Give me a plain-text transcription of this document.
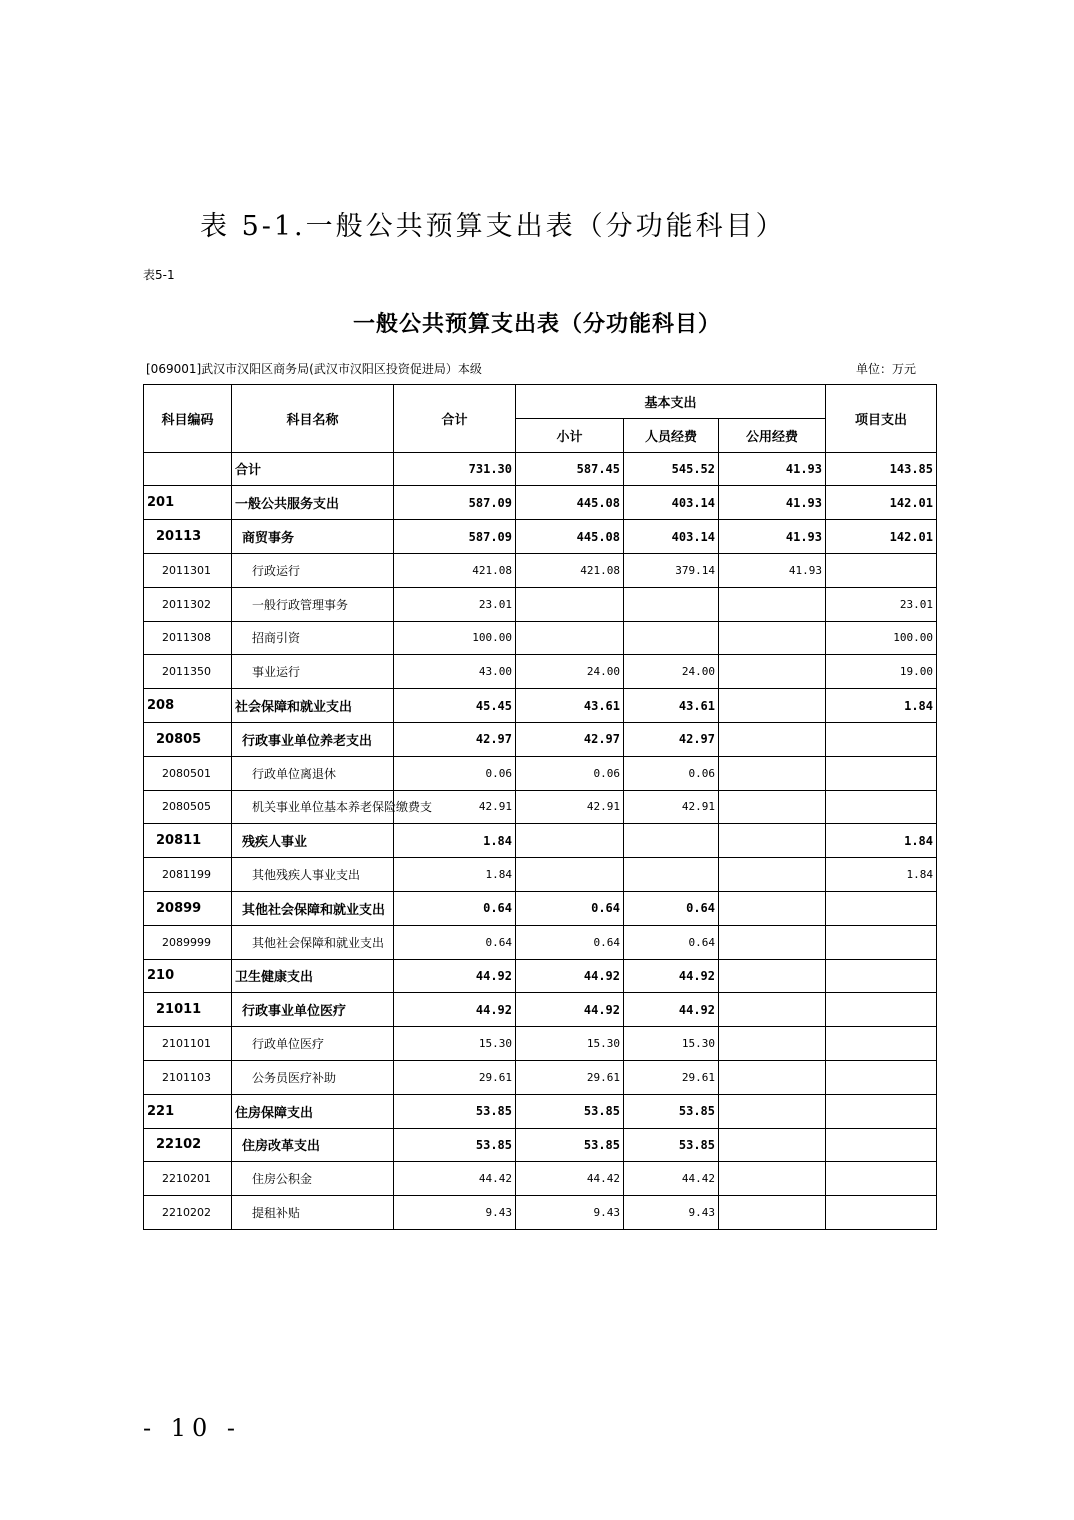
表 5-1.一般公共预算支出表（分功能科目）
表5-1
一般公共预算支出表（分功能科目）
[069001]武汉市汉阳区商务局(武汉市汉阳区投资促进局）本级	单位：万元
科目编码	科目名称	合计	基本支出			项目支出
			小计	人员经费	公用经费	
	合计	731.30	587.45	545.52	41.93	143.85
201	一般公共服务支出	587.09	445.08	403.14	41.93	142.01
20113	商贸事务	587.09	445.08	403.14	41.93	142.01
2011301	行政运行	421.08	421.08	379.14	41.93	
2011302	一般行政管理事务	23.01				23.01
2011308	招商引资	100.00				100.00
2011350	事业运行	43.00	24.00	24.00		19.00
208	社会保障和就业支出	45.45	43.61	43.61		1.84
20805	行政事业单位养老支出	42.97	42.97	42.97		
2080501	行政单位离退休	0.06	0.06	0.06		
2080505	机关事业单位基本养老保险缴费支	42.91	42.91	42.91		
20811	残疾人事业	1.84				1.84
2081199	其他残疾人事业支出	1.84				1.84
20899	其他社会保障和就业支出	0.64	0.64	0.64		
2089999	其他社会保障和就业支出	0.64	0.64	0.64		
210	卫生健康支出	44.92	44.92	44.92		
21011	行政事业单位医疗	44.92	44.92	44.92		
2101101	行政单位医疗	15.30	15.30	15.30		
2101103	公务员医疗补助	29.61	29.61	29.61		
221	住房保障支出	53.85	53.85	53.85		
22102	住房改革支出	53.85	53.85	53.85		
2210201	住房公积金	44.42	44.42	44.42		
2210202	提租补贴	9.43	9.43	9.43		
- 10 -
